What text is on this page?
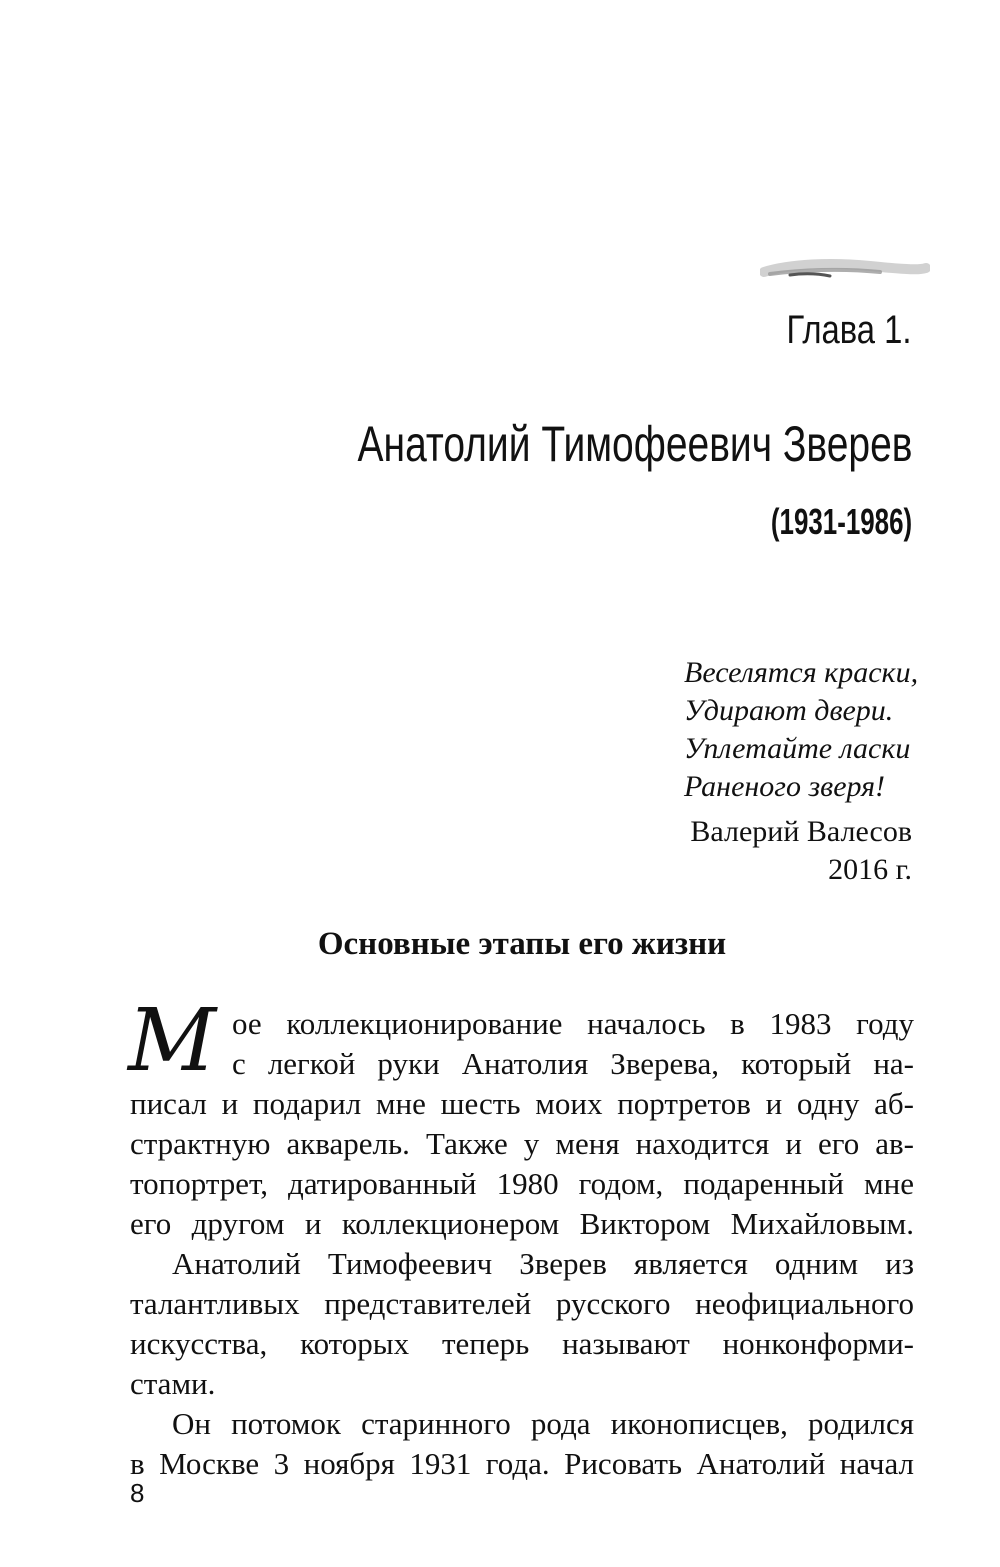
Глава 1.
Анатолий Тимофеевич Зверев
(1931-1986)
Веселятся краски,
Удирают двери.
Уплетайте ласки
Раненого зверя!
Валерий Валесов
2016 г.
Основные этапы его жизни
М ое коллекционирование началось в 1983 году
с легкой руки Анатолия Зверева, который на-
писал и подарил мне шесть моих портретов и одну аб-
страктную акварель. Также у меня находится и его ав-
топортрет, датированный 1980 годом, подаренный мне
его другом и коллекционером Виктором Михайловым.
Анатолий Тимофеевич Зверев является одним из
талантливых представителей русского неофициального
искусства, которых теперь называют нонконформи-
стами.
Он потомок старинного рода иконописцев, родился
в Москве 3 ноября 1931 года. Рисовать Анатолий начал
8
